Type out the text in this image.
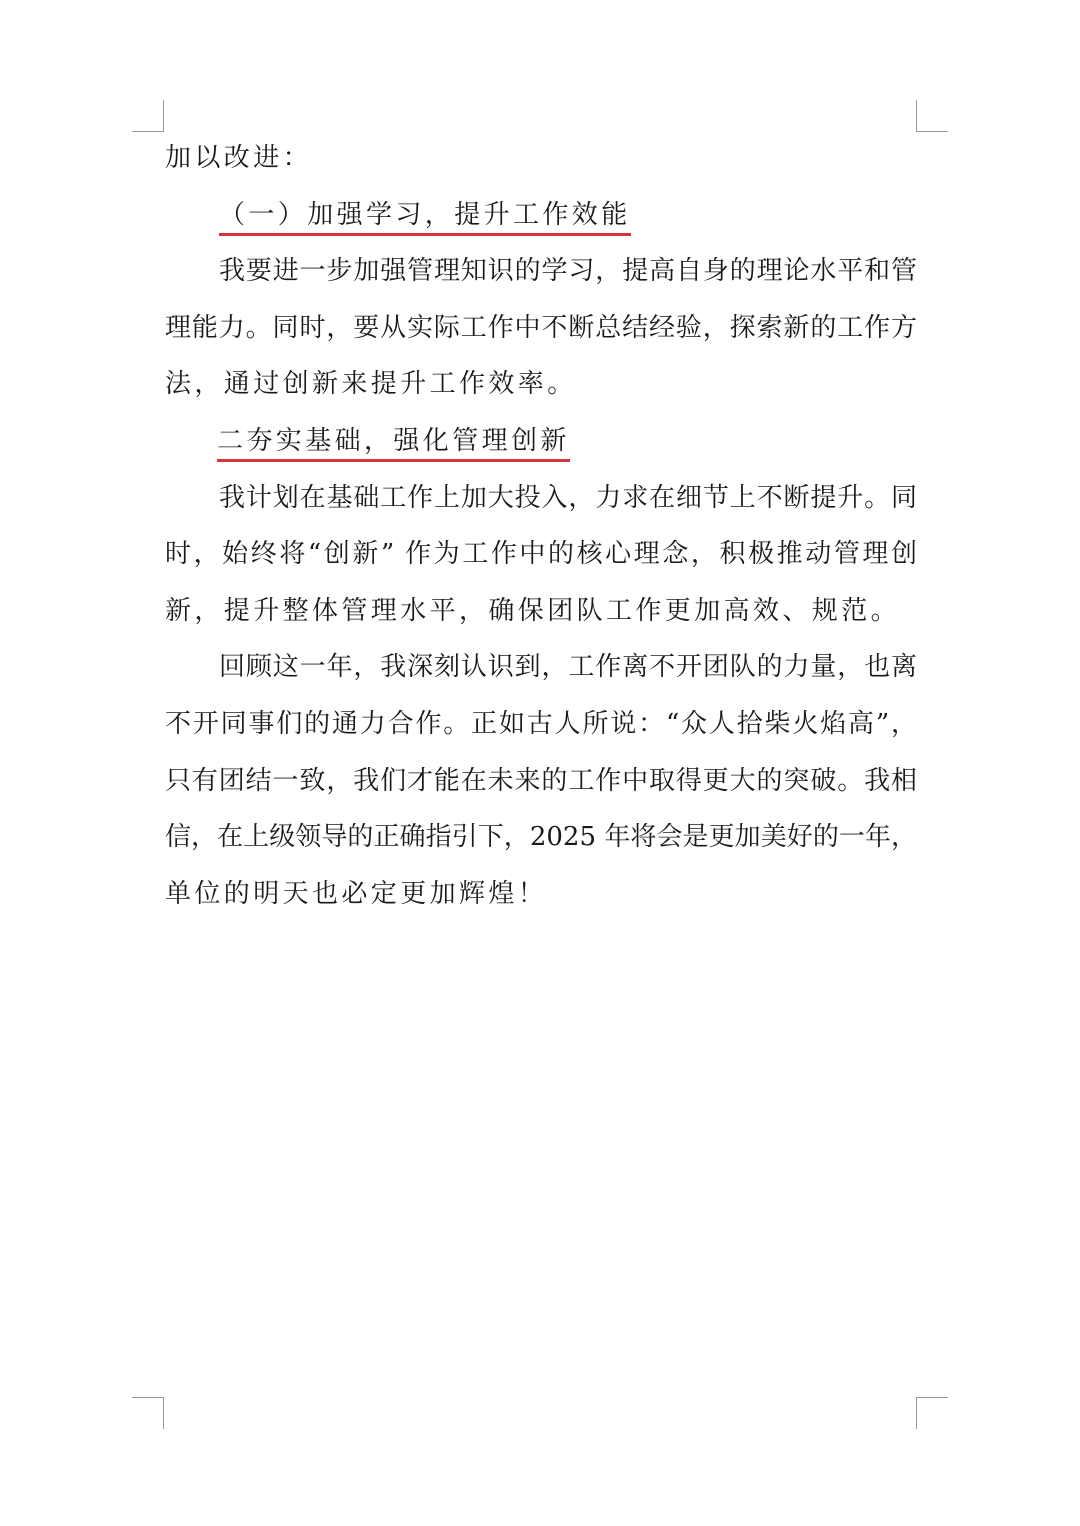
加以改进：
（一）加强学习，提升工作效能
我要进一步加强管理知识的学习，提高自身的理论水平和管
理能力。同时，要从实际工作中不断总结经验，探索新的工作方
法，通过创新来提升工作效率。
二夯实基础，强化管理创新
我计划在基础工作上加大投入，力求在细节上不断提升。同
时，始终将“创新” 作为工作中的核心理念，积极推动管理创
新，提升整体管理水平，确保团队工作更加高效、规范。
回顾这一年，我深刻认识到，工作离不开团队的力量，也离
不开同事们的通力合作。正如古人所说：“众人拾柴火焰高”，
只有团结一致，我们才能在未来的工作中取得更大的突破。我相
信，在上级领导的正确指引下，2025 年将会是更加美好的一年，
单位的明天也必定更加辉煌！
